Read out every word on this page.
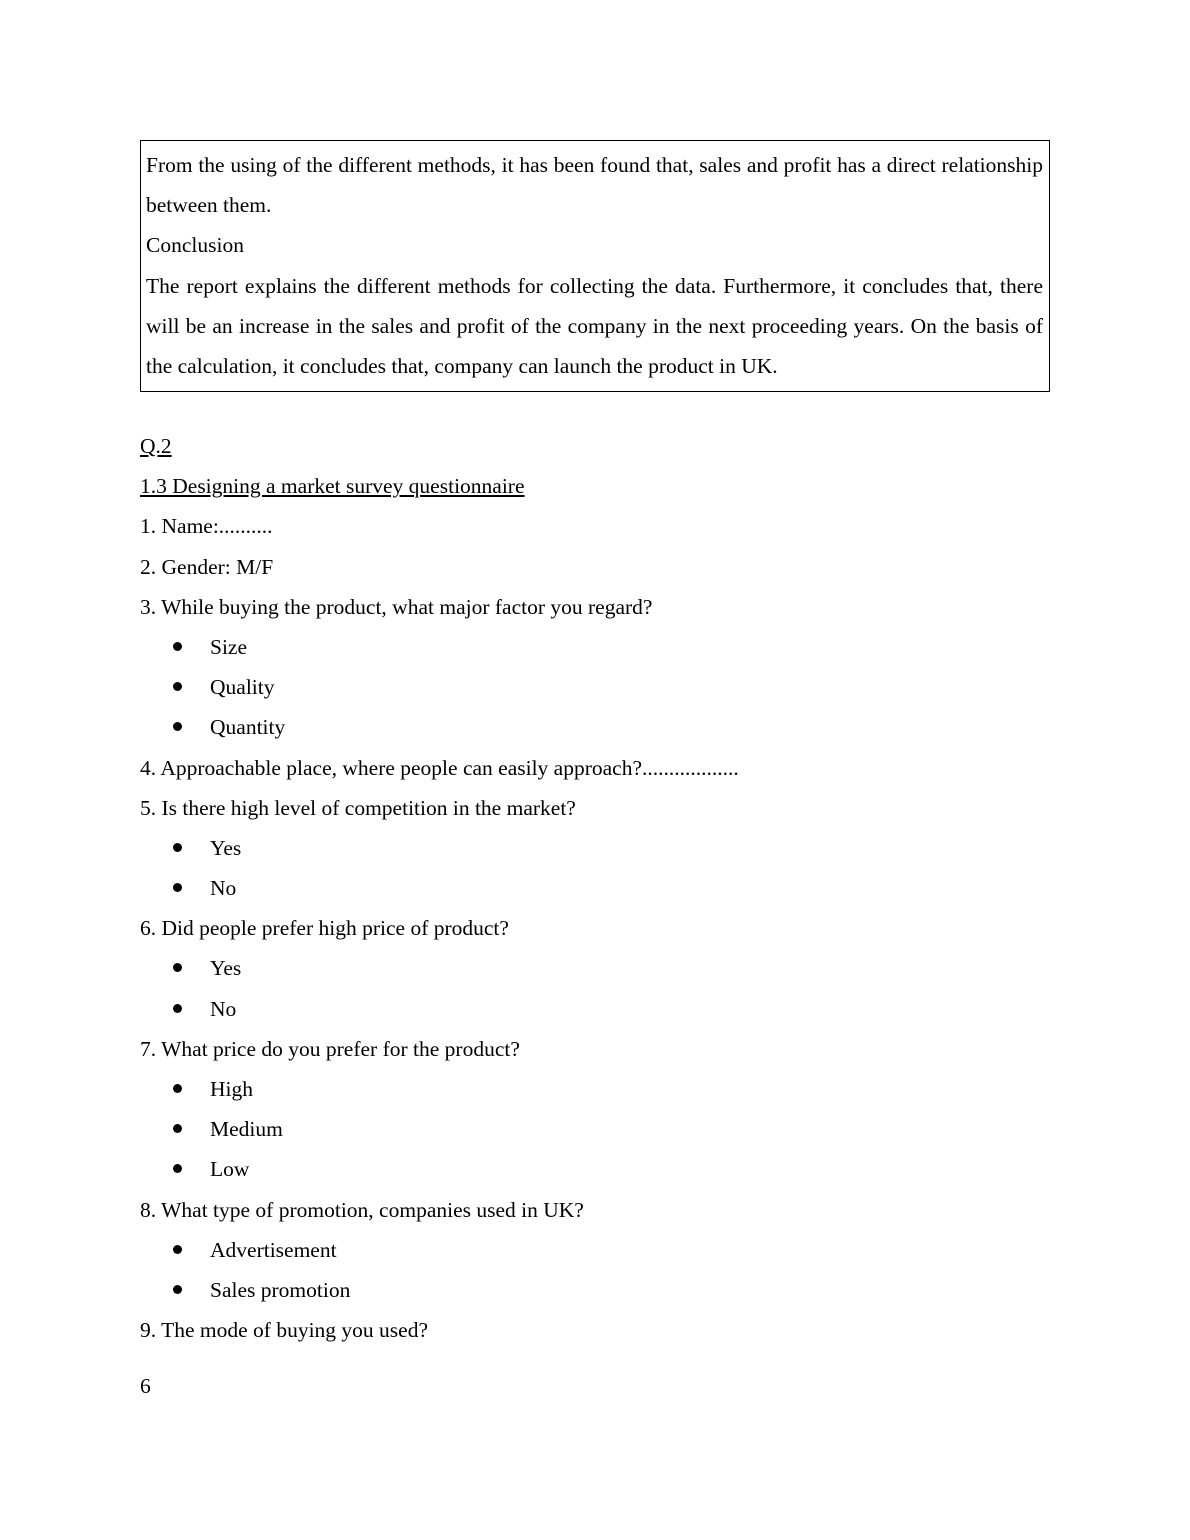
From the using of the different methods, it has been found that, sales and profit has a direct relationship between them.

Conclusion

The report explains the different methods for collecting the data. Furthermore, it concludes that, there will be an increase in the sales and profit of the company in the next proceeding years. On the basis of the calculation, it concludes that, company can launch the product in UK.

Q.2
1.3 Designing a market survey questionnaire
1. Name:..........
2. Gender: M/F
3. While buying the product, what major factor you regard?
Size
Quality
Quantity
4. Approachable place, where people can easily approach?..................
5. Is there high level of competition in the market?
Yes
No
6. Did people prefer high price of product?
Yes
No
7. What price do you prefer for the product?
High
Medium
Low
8. What type of promotion, companies used in UK?
Advertisement
Sales promotion
9. The mode of buying you used?
6
